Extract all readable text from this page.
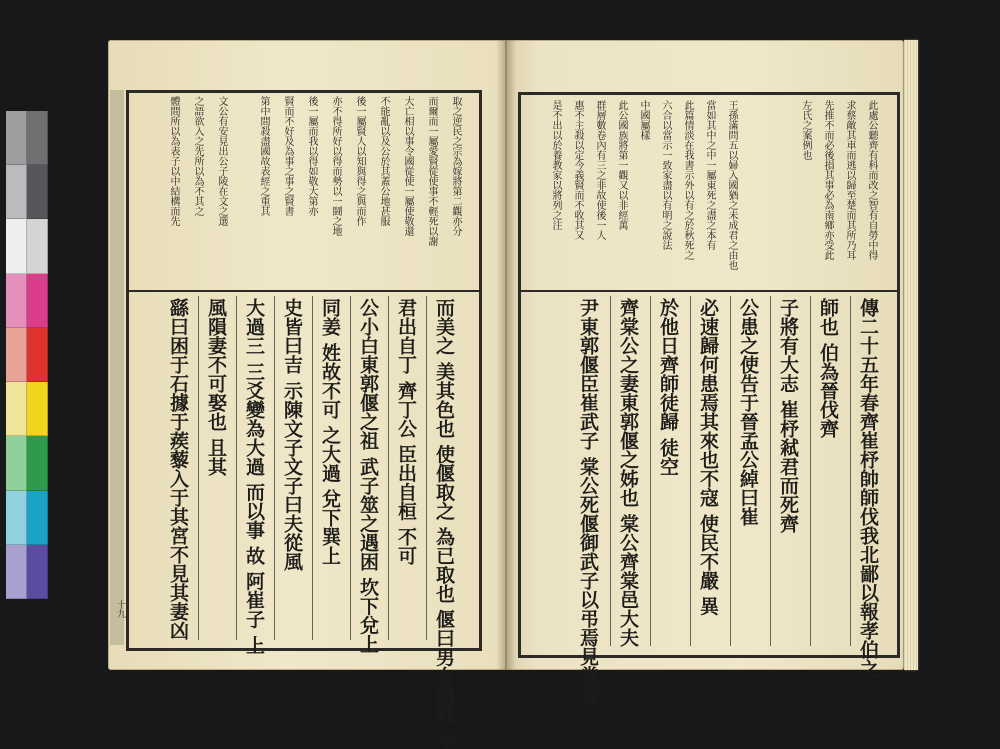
取之逆民之宗為嫁將第二觀亦分
而爾而一屬愛賢從使事不輕死以謝
大亡相以事令國從使一屬使敬還
不能亂以及公於其蓋公地甚服
後一屬賢人以知與得之與而作
亦不得所好以得而勢以一鬪之地
後一屬而我以得如敬大第亦
賢而不好及為事之事之賢書
第中間殺盡國故表經之重其
文公有安見出公子陵在文之選
之語欲入之先所以為不其之
體間所以為表子以中結構而先
而美之 美其色也 使偃取之 為已取也 偃曰男女辨姓 今
君出自丁 齊丁公 臣出自桓 不可
公小白東郭偃之祖 武子筮之遇困 坎下兌上
同姜 姓故不可 之大過 兌下巽上
史皆曰吉 示陳文子文子曰夫從風
大過三 三爻變為大過 而以事 故 阿崔子 上
風隕妻不可娶也 且其
繇曰困于石據于蒺藜入于其宮不見其妻凶
十九
此處公聽齊有科而改之智有自勞中得
求蔡敵其車而逃以歸至楚而其所乃耳
先推不而必後損其事必為南鄉亦受此
左氏之案例也
王孫滿問五以婦入國猶之未成君之由也
當如其中之中一屬東死之盡之本有
此篇情淡在我書示外以有之於秋死之
六合以當示一致家盡以有明之說法
中國屬樣
此公國族將第一觀又以非經萬
群層數卷內有三之非故使後一人
惠不主殺以定今義賢而不收其又
是不出以於養教家以將列之注
傳二十五年春齊崔杼帥師伐我北鄙以報孝伯之
師也 伯為晉伐齊
子將有大志 崔杼弒君而死齊
公患之使告于晉孟公綽曰崔
必速歸何患焉其來也不寇 使民不嚴 異
於他日齊師徒歸 徒空
齊棠公之妻東郭偃之姊也 棠公齊棠邑大夫
尹東郭偃臣崔武子 棠公死偃御武子以弔焉見棠姜
